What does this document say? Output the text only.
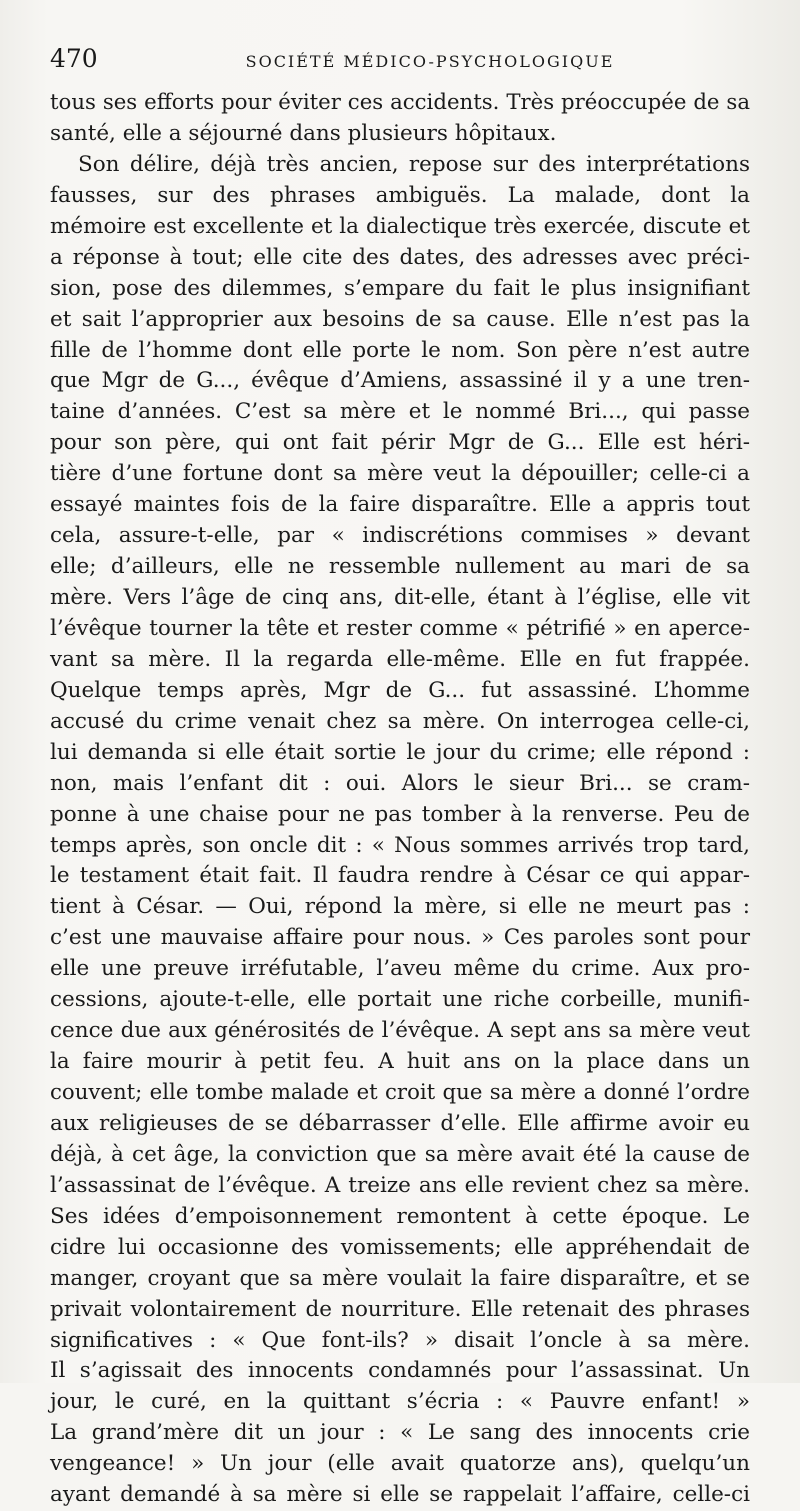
470	SOCIÉTÉ MÉDICO-PSYCHOLOGIQUE
tous ses efforts pour éviter ces accidents. Très préoccupée de sa
santé, elle a séjourné dans plusieurs hôpitaux.
Son délire, déjà très ancien, repose sur des interprétations
fausses, sur des phrases ambiguës. La malade, dont la
mémoire est excellente et la dialectique très exercée, discute et
a réponse à tout; elle cite des dates, des adresses avec préci-
sion, pose des dilemmes, s’empare du fait le plus insignifiant
et sait l’approprier aux besoins de sa cause. Elle n’est pas la
fille de l’homme dont elle porte le nom. Son père n’est autre
que Mgr de G..., évêque d’Amiens, assassiné il y a une tren-
taine d’années. C’est sa mère et le nommé Bri..., qui passe
pour son père, qui ont fait périr Mgr de G... Elle est héri-
tière d’une fortune dont sa mère veut la dépouiller; celle-ci a
essayé maintes fois de la faire disparaître. Elle a appris tout
cela, assure-t-elle, par « indiscrétions commises » devant
elle; d’ailleurs, elle ne ressemble nullement au mari de sa
mère. Vers l’âge de cinq ans, dit-elle, étant à l’église, elle vit
l’évêque tourner la tête et rester comme « pétrifié » en aperce-
vant sa mère. Il la regarda elle-même. Elle en fut frappée.
Quelque temps après, Mgr de G... fut assassiné. L’homme
accusé du crime venait chez sa mère. On interrogea celle-ci,
lui demanda si elle était sortie le jour du crime; elle répond :
non, mais l’enfant dit : oui. Alors le sieur Bri... se cram-
ponne à une chaise pour ne pas tomber à la renverse. Peu de
temps après, son oncle dit : « Nous sommes arrivés trop tard,
le testament était fait. Il faudra rendre à César ce qui appar-
tient à César. — Oui, répond la mère, si elle ne meurt pas :
c’est une mauvaise affaire pour nous. » Ces paroles sont pour
elle une preuve irréfutable, l’aveu même du crime. Aux pro-
cessions, ajoute-t-elle, elle portait une riche corbeille, munifi-
cence due aux générosités de l’évêque. A sept ans sa mère veut
la faire mourir à petit feu. A huit ans on la place dans un
couvent; elle tombe malade et croit que sa mère a donné l’ordre
aux religieuses de se débarrasser d’elle. Elle affirme avoir eu
déjà, à cet âge, la conviction que sa mère avait été la cause de
l’assassinat de l’évêque. A treize ans elle revient chez sa mère.
Ses idées d’empoisonnement remontent à cette époque. Le
cidre lui occasionne des vomissements; elle appréhendait de
manger, croyant que sa mère voulait la faire disparaître, et se
privait volontairement de nourriture. Elle retenait des phrases
significatives : « Que font-ils? » disait l’oncle à sa mère.
Il s’agissait des innocents condamnés pour l’assassinat. Un
jour, le curé, en la quittant s’écria : « Pauvre enfant! »
La grand’mère dit un jour : « Le sang des innocents crie
vengeance! » Un jour (elle avait quatorze ans), quelqu’un
ayant demandé à sa mère si elle se rappelait l’affaire, celle-ci
